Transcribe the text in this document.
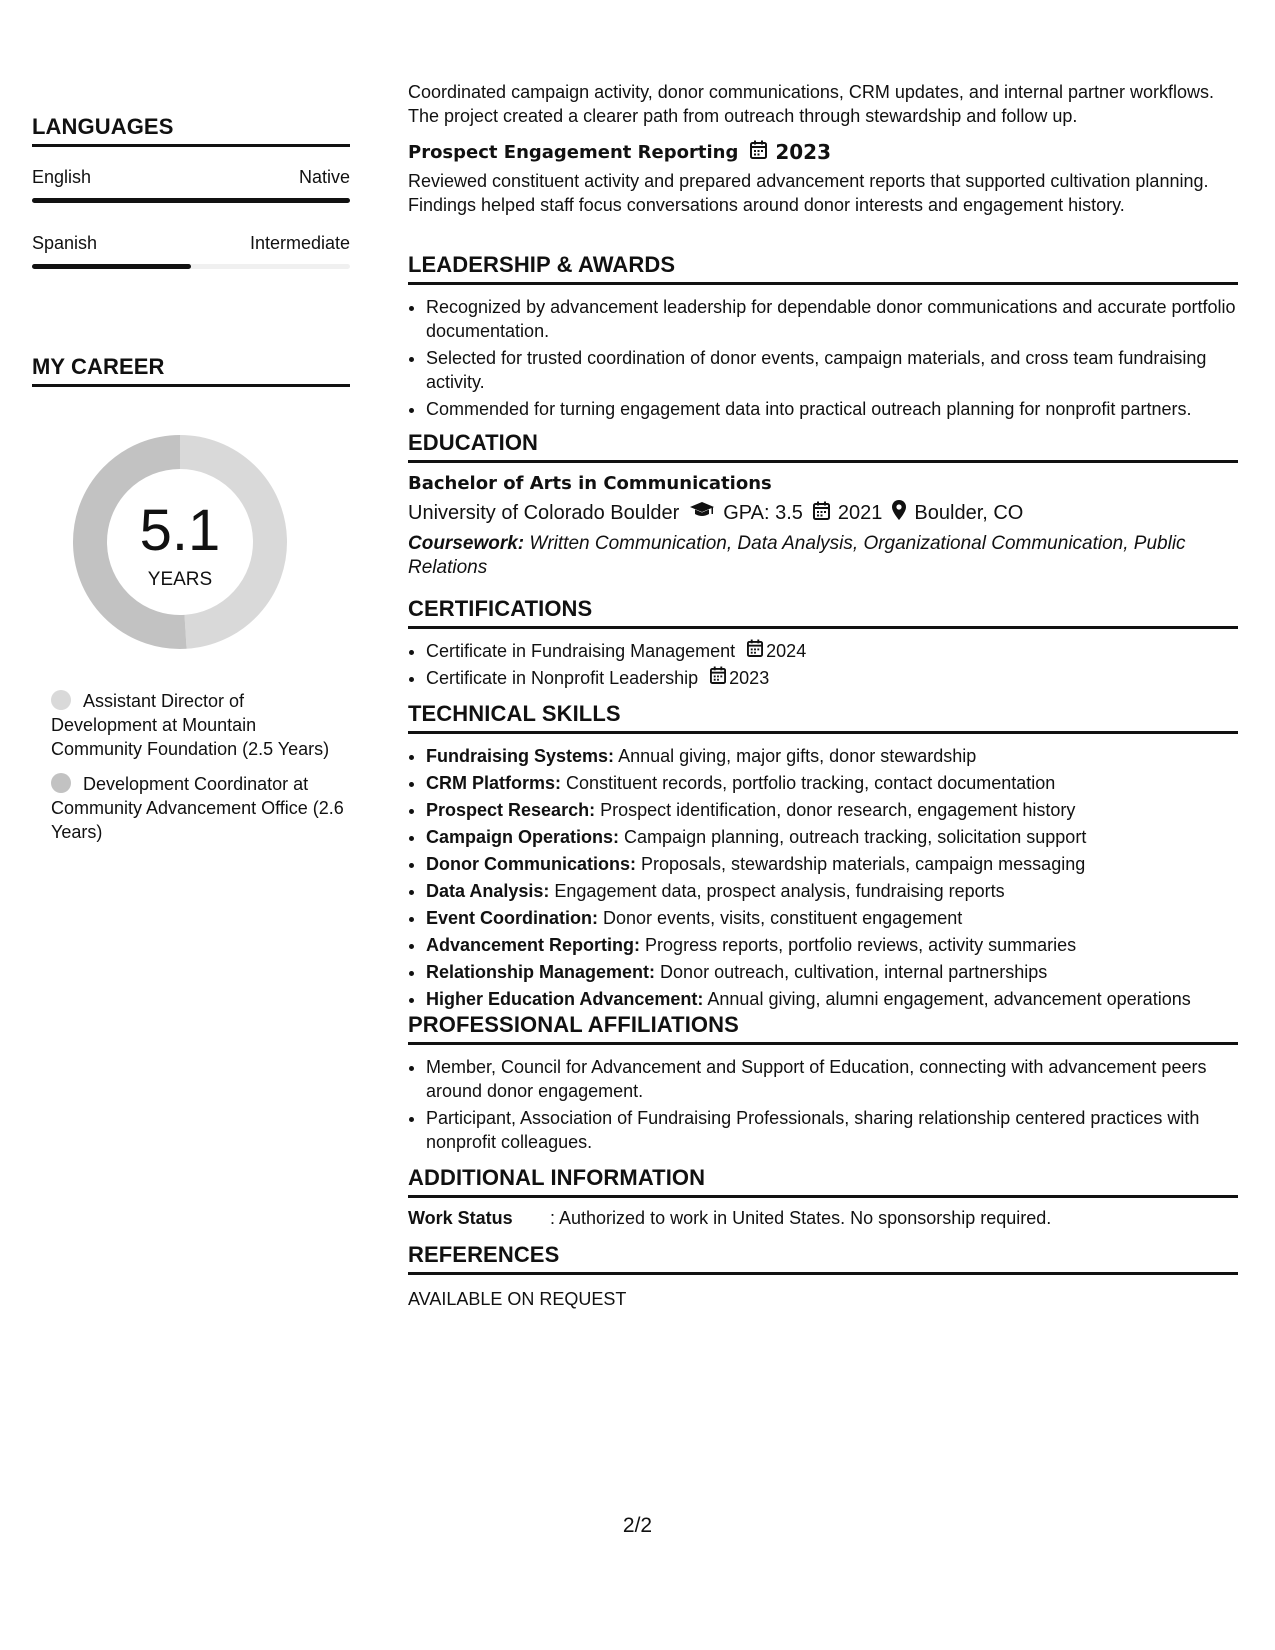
LANGUAGES
English	Native
Spanish	Intermediate
MY CAREER
5.1
YEARS
Assistant Director of Development at Mountain Community Foundation (2.5 Years)
Development Coordinator at Community Advancement Office (2.6 Years)

Coordinated campaign activity, donor communications, CRM updates, and internal partner workflows. The project created a clearer path from outreach through stewardship and follow up.

Prospect Engagement Reporting 2023

Reviewed constituent activity and prepared advancement reports that supported cultivation planning. Findings helped staff focus conversations around donor interests and engagement history.

LEADERSHIP & AWARDS
• Recognized by advancement leadership for dependable donor communications and accurate portfolio documentation.
• Selected for trusted coordination of donor events, campaign materials, and cross team fundraising activity.
• Commended for turning engagement data into practical outreach planning for nonprofit partners.
EDUCATION

Bachelor of Arts in Communications

University of Colorado Boulder GPA: 3.5 2021 Boulder, CO

Coursework: Written Communication, Data Analysis, Organizational Communication, Public Relations

CERTIFICATIONS
• Certificate in Fundraising Management 2024
• Certificate in Nonprofit Leadership 2023
TECHNICAL SKILLS
• Fundraising Systems: Annual giving, major gifts, donor stewardship
• CRM Platforms: Constituent records, portfolio tracking, contact documentation
• Prospect Research: Prospect identification, donor research, engagement history
• Campaign Operations: Campaign planning, outreach tracking, solicitation support
• Donor Communications: Proposals, stewardship materials, campaign messaging
• Data Analysis: Engagement data, prospect analysis, fundraising reports
• Event Coordination: Donor events, visits, constituent engagement
• Advancement Reporting: Progress reports, portfolio reviews, activity summaries
• Relationship Management: Donor outreach, cultivation, internal partnerships
• Higher Education Advancement: Annual giving, alumni engagement, advancement operations
PROFESSIONAL AFFILIATIONS
• Member, Council for Advancement and Support of Education, connecting with advancement peers around donor engagement.
• Participant, Association of Fundraising Professionals, sharing relationship centered practices with nonprofit colleagues.
ADDITIONAL INFORMATION
Work Status	: Authorized to work in United States. No sponsorship required.
REFERENCES

AVAILABLE ON REQUEST

2/2
